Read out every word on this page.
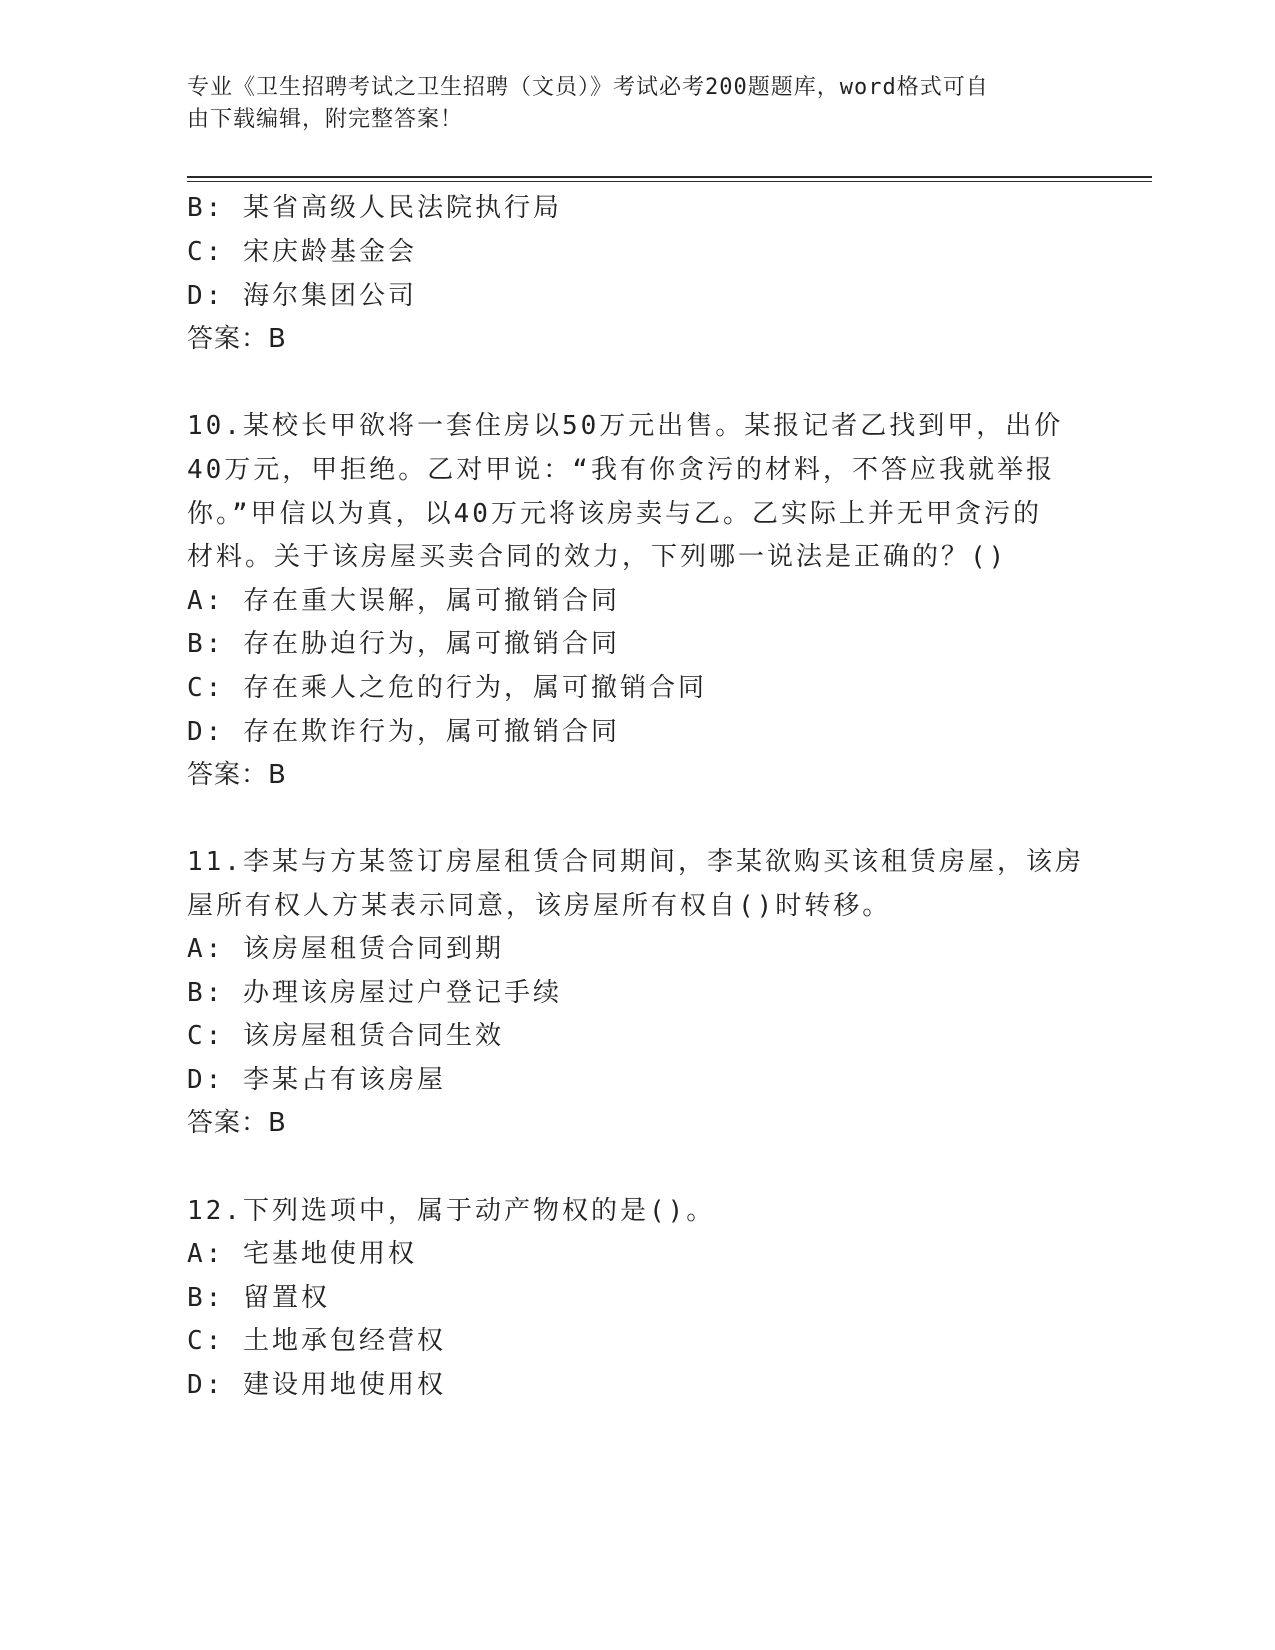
专业《卫生招聘考试之卫生招聘（文员）》考试必考200题题库，word格式可自
由下载编辑，附完整答案！
B: 某省高级人民法院执行局
C: 宋庆龄基金会
D: 海尔集团公司
答案：B
10.某校长甲欲将一套住房以50万元出售。某报记者乙找到甲，出价
40万元，甲拒绝。乙对甲说：“我有你贪污的材料，不答应我就举报
你。”甲信以为真，以40万元将该房卖与乙。乙实际上并无甲贪污的
材料。关于该房屋买卖合同的效力，下列哪一说法是正确的？()
A: 存在重大误解，属可撤销合同
B: 存在胁迫行为，属可撤销合同
C: 存在乘人之危的行为，属可撤销合同
D: 存在欺诈行为，属可撤销合同
答案：B
11.李某与方某签订房屋租赁合同期间，李某欲购买该租赁房屋，该房
屋所有权人方某表示同意，该房屋所有权自()时转移。
A: 该房屋租赁合同到期
B: 办理该房屋过户登记手续
C: 该房屋租赁合同生效
D: 李某占有该房屋
答案：B
12.下列选项中，属于动产物权的是()。
A: 宅基地使用权
B: 留置权
C: 土地承包经营权
D: 建设用地使用权
